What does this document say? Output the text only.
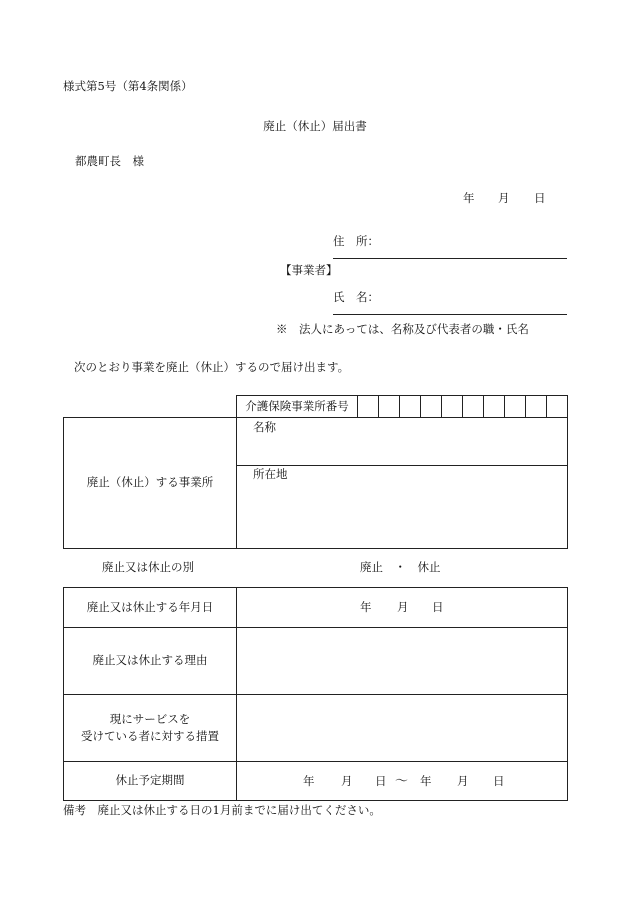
様式第5号（第4条関係）
廃止（休止）届出書
都農町長　様
年 月 日
住　所：
【事業者】
氏　名：
※　法人にあっては、名称及び代表者の職・氏名
次のとおり事業を廃止（休止）するので届け出ます。
介護保険事業所番号
廃止（休止）する事業所
名称
所在地
廃止又は休止の別	廃止　・　休止
廃止又は休止する年月日	年 月 日
廃止又は休止する理由
現にサービスを
受けている者に対する措置
休止予定期間	年 月 日 ～ 年 月 日
備考　廃止又は休止する日の1月前までに届け出てください。
